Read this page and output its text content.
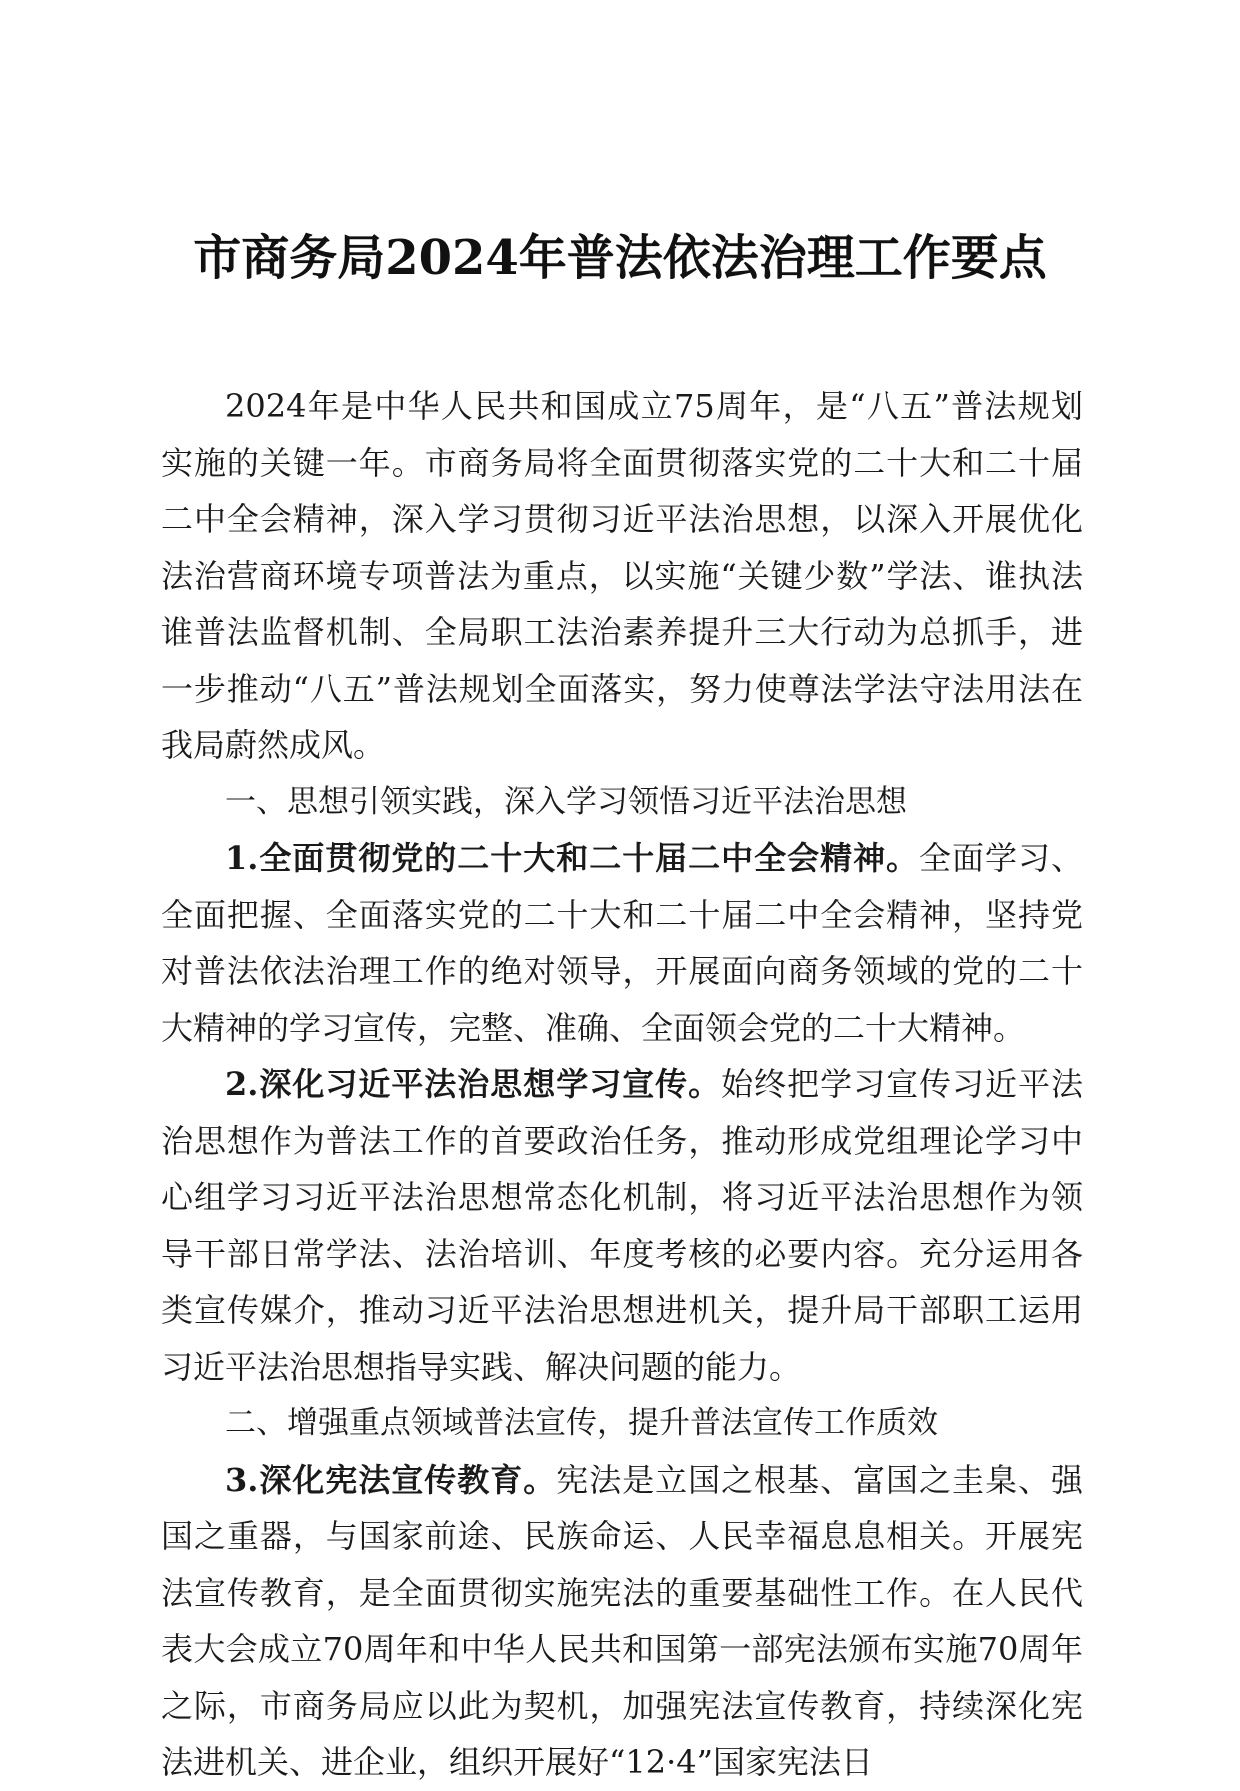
市商务局2024年普法依法治理工作要点

2024年是中华人民共和国成立75周年，是“八五”普法规划实施的关键一年。市商务局将全面贯彻落实党的二十大和二十届二中全会精神，深入学习贯彻习近平法治思想，以深入开展优化法治营商环境专项普法为重点，以实施“关键少数”学法、谁执法谁普法监督机制、全局职工法治素养提升三大行动为总抓手，进一步推动“八五”普法规划全面落实，努力使尊法学法守法用法在我局蔚然成风。

一、思想引领实践，深入学习领悟习近平法治思想

1.全面贯彻党的二十大和二十届二中全会精神。全面学习、全面把握、全面落实党的二十大和二十届二中全会精神，坚持党对普法依法治理工作的绝对领导，开展面向商务领域的党的二十大精神的学习宣传，完整、准确、全面领会党的二十大精神。

2.深化习近平法治思想学习宣传。始终把学习宣传习近平法治思想作为普法工作的首要政治任务，推动形成党组理论学习中心组学习习近平法治思想常态化机制，将习近平法治思想作为领导干部日常学法、法治培训、年度考核的必要内容。充分运用各类宣传媒介，推动习近平法治思想进机关，提升局干部职工运用习近平法治思想指导实践、解决问题的能力。

二、增强重点领域普法宣传，提升普法宣传工作质效

3.深化宪法宣传教育。宪法是立国之根基、富国之圭臬、强国之重器，与国家前途、民族命运、人民幸福息息相关。开展宪法宣传教育，是全面贯彻实施宪法的重要基础性工作。在人民代表大会成立70周年和中华人民共和国第一部宪法颁布实施70周年之际，市商务局应以此为契机，加强宪法宣传教育，持续深化宪法进机关、进企业，组织开展好“12·4”国家宪法日
